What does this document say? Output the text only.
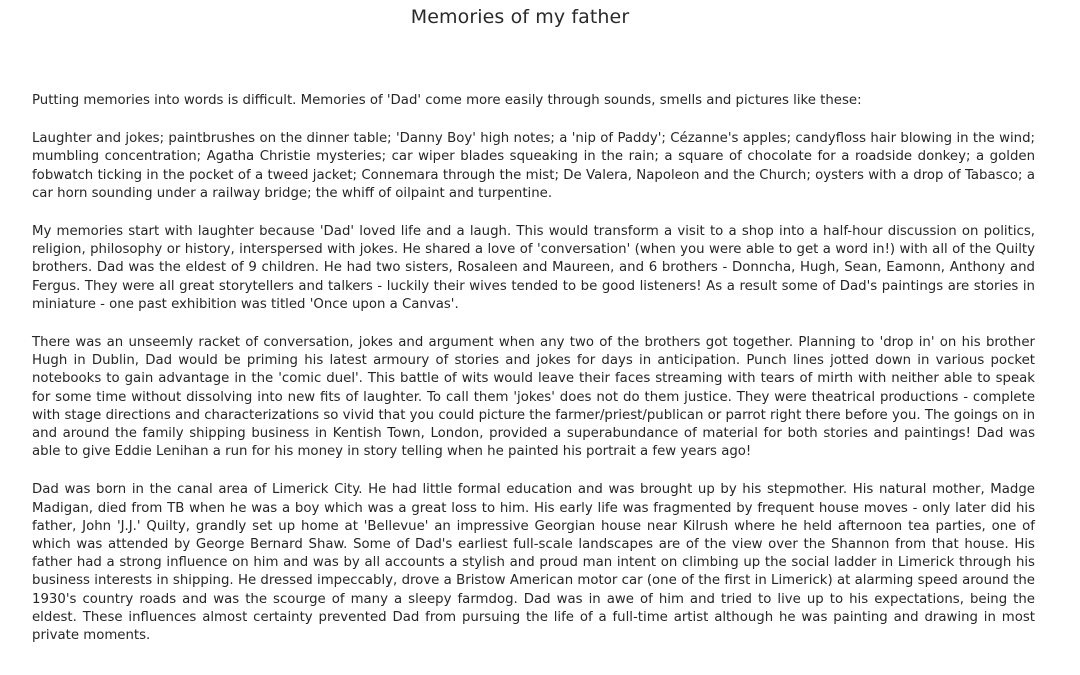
Memories of my father

Putting memories into words is difficult. Memories of 'Dad' come more easily through sounds, smells and pictures like these:

Laughter and jokes; paintbrushes on the dinner table; 'Danny Boy' high notes; a 'nip of Paddy'; Cézanne's apples; candyfloss hair blowing in the wind; mumbling concentration; Agatha Christie mysteries; car wiper blades squeaking in the rain; a square of chocolate for a roadside donkey; a golden fobwatch ticking in the pocket of a tweed jacket; Connemara through the mist; De Valera, Napoleon and the Church; oysters with a drop of Tabasco; a car horn sounding under a railway bridge; the whiff of oilpaint and turpentine.

My memories start with laughter because 'Dad' loved life and a laugh. This would transform a visit to a shop into a half-hour discussion on politics, religion, philosophy or history, interspersed with jokes. He shared a love of 'conversation' (when you were able to get a word in!) with all of the Quilty brothers. Dad was the eldest of 9 children. He had two sisters, Rosaleen and Maureen, and 6 brothers - Donncha, Hugh, Sean, Eamonn, Anthony and Fergus. They were all great storytellers and talkers - luckily their wives tended to be good listeners! As a result some of Dad's paintings are stories in miniature - one past exhibition was titled 'Once upon a Canvas'.

There was an unseemly racket of conversation, jokes and argument when any two of the brothers got together. Planning to 'drop in' on his brother Hugh in Dublin, Dad would be priming his latest armoury of stories and jokes for days in anticipation. Punch lines jotted down in various pocket notebooks to gain advantage in the 'comic duel'. This battle of wits would leave their faces streaming with tears of mirth with neither able to speak for some time without dissolving into new fits of laughter. To call them 'jokes' does not do them justice. They were theatrical productions - complete with stage directions and characterizations so vivid that you could picture the farmer/priest/publican or parrot right there before you. The goings on in and around the family shipping business in Kentish Town, London, provided a superabundance of material for both stories and paintings! Dad was able to give Eddie Lenihan a run for his money in story telling when he painted his portrait a few years ago!

Dad was born in the canal area of Limerick City. He had little formal education and was brought up by his stepmother. His natural mother, Madge Madigan, died from TB when he was a boy which was a great loss to him. His early life was fragmented by frequent house moves - only later did his father, John 'J.J.' Quilty, grandly set up home at 'Bellevue' an impressive Georgian house near Kilrush where he held afternoon tea parties, one of which was attended by George Bernard Shaw. Some of Dad's earliest full-scale landscapes are of the view over the Shannon from that house. His father had a strong influence on him and was by all accounts a stylish and proud man intent on climbing up the social ladder in Limerick through his business interests in shipping. He dressed impeccably, drove a Bristow American motor car (one of the first in Limerick) at alarming speed around the 1930's country roads and was the scourge of many a sleepy farmdog. Dad was in awe of him and tried to live up to his expectations, being the eldest. These influences almost certainty prevented Dad from pursuing the life of a full-time artist although he was painting and drawing in most private moments.
